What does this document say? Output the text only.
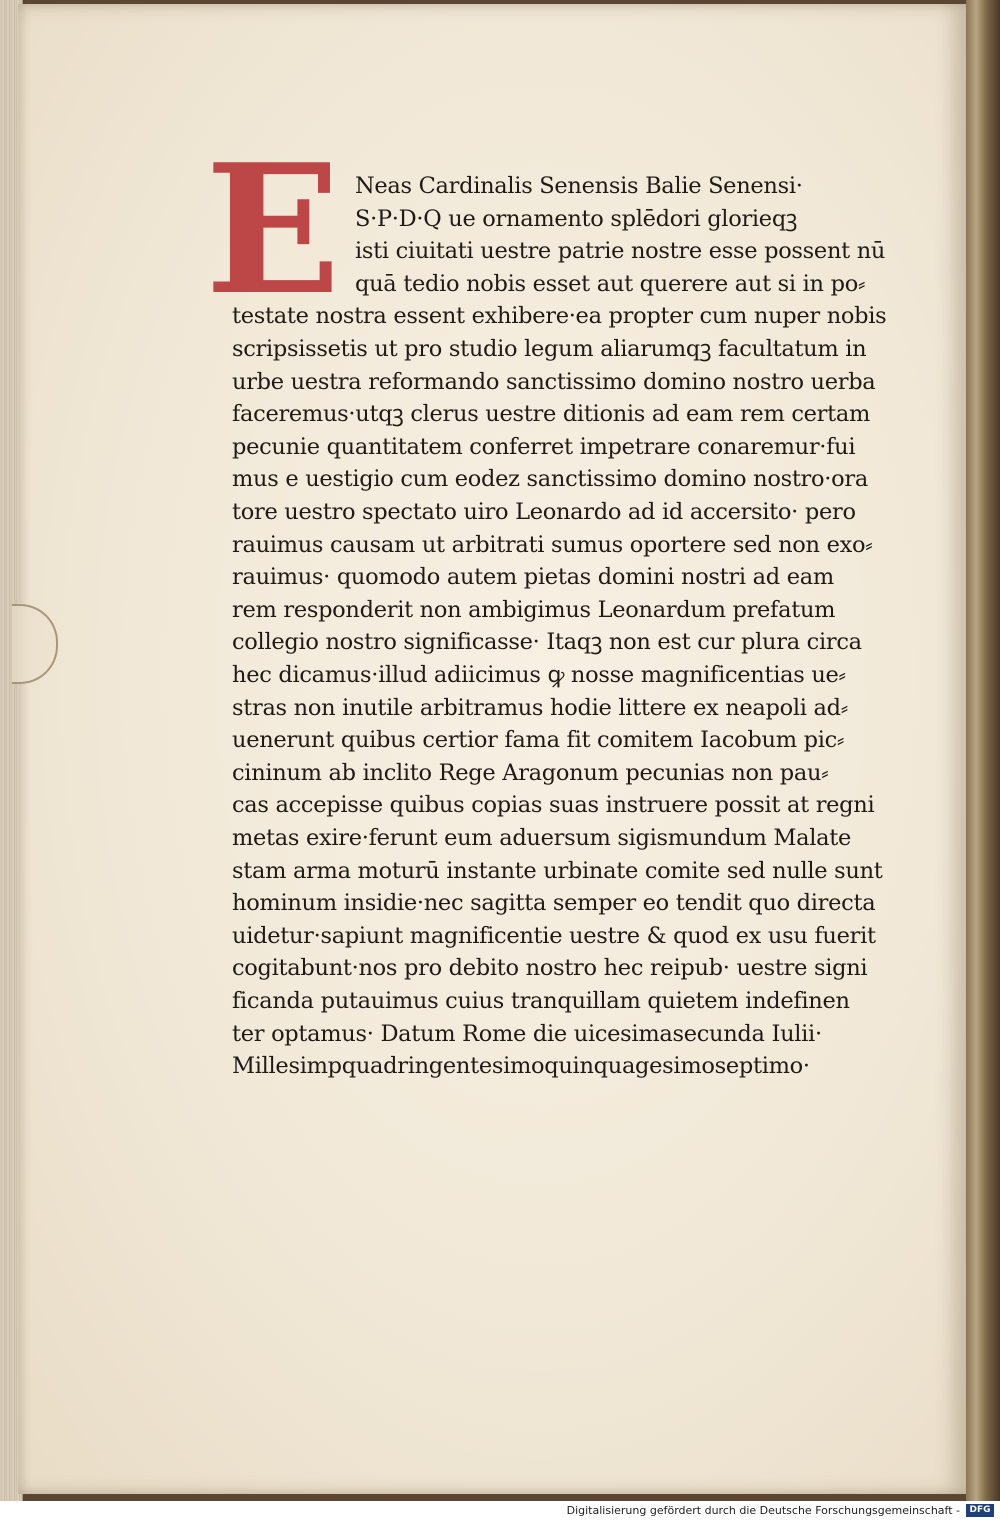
E Neas Cardinalis Senensis Balie Senensi·
S·P·D·Q ue ornamento splēdori glorieqꝫ
isti ciuitati uestre patrie nostre esse possent nū
quā tedio nobis esset aut querere aut si in po⸗
testate nostra essent exhibere·ea propter cum nuper nobis
scripsissetis ut pro studio legum aliarumqꝫ facultatum in
urbe uestra reformando sanctissimo domino nostro uerba
faceremus·utqꝫ clerus uestre ditionis ad eam rem certam
pecunie quantitatem conferret impetrare conaremur·fui
mus e uestigio cum eodez sanctissimo domino nostro·ora
tore uestro spectato uiro Leonardo ad id accersito· pero
rauimus causam ut arbitrati sumus oportere sed non exo⸗
rauimus· quomodo autem pietas domini nostri ad eam
rem responderit non ambigimus Leonardum prefatum
collegio nostro significasse· Itaqꝫ non est cur plura circa
hec dicamus·illud adiicimus ꝙ nosse magnificentias ue⸗
stras non inutile arbitramus hodie littere ex neapoli ad⸗
uenerunt quibus certior fama fit comitem Iacobum pic⸗
cininum ab inclito Rege Aragonum pecunias non pau⸗
cas accepisse quibus copias suas instruere possit at regni
metas exire·ferunt eum aduersum sigismundum Malate
stam arma moturū instante urbinate comite sed nulle sunt
hominum insidie·nec sagitta semper eo tendit quo directa
uidetur·sapiunt magnificentie uestre & quod ex usu fuerit
cogitabunt·nos pro debito nostro hec reipub· uestre signi
ficanda putauimus cuius tranquillam quietem indefinen
ter optamus· Datum Rome die uicesimasecunda Iulii·
Millesimpquadringentesimoquinquagesimoseptimo·
Digitalisierung gefördert durch die Deutsche Forschungsgemeinschaft -	DFG
